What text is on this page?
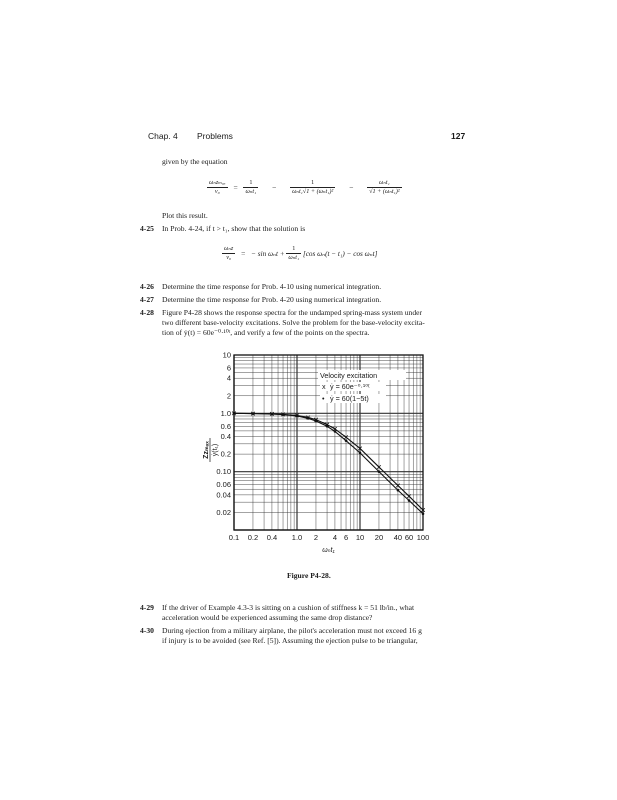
Chap. 4 Problems	127
given by the equation
$\frac{\text{ωₙzₘₐₓ}}{\text{v₀}} = \frac{1}{\text{ωₙt₁}} - \frac{1}{\text{ωₙt₁√1 + (ωₙt₁)²}} - \frac{\text{ωₙt₁}}{\text{√1 + (ωₙt₁)²}}$
Plot this result.
4-25 In Prob. 4-24, if t > t₁, show that the solution is
$\frac{\text{ωₙz}}{\text{v₀}}$ = − $\sin \omega_nt + \frac{1}{\text{ωₙt₁}} [\cos$ ωₙ(t − t₁) − cos ωₙt]
4-26 Determine the time response for Prob. 4-10 using numerical integration.
4-27 Determine the time response for Prob. 4-20 using numerical integration.
4-28 Figure P4-28 shows the response spectra for the undamped spring-mass system under
two different base-velocity excitations. Solve the problem for the base-velocity excita-
tion of ẏ(t) = 60e⁻⁰·¹⁰ᵗ, and verify a few of the points on the spectra.
10
6
4
2
1.0
0.6
0.4
0.2
0.10
0.06
0.04
0.02
0.1 0.2 0.4 1.0 2 4 6 10 20 40 60 100
Velocity excitation
x ẏ = 60e⁻⁰·¹⁰ᵗ
• ẏ = 60(1−5t)
ωₙt₁
Zzₘₐₓ ẏ(t₁)
Figure P4-28.
4-29 If the driver of Example 4.3-3 is sitting on a cushion of stiffness k = 51 lb/in., what
acceleration would be experienced assuming the same drop distance?
4-30 During ejection from a military airplane, the pilot's acceleration must not exceed 16 g
if injury is to be avoided (see Ref. [5]). Assuming the ejection pulse to be triangular,
